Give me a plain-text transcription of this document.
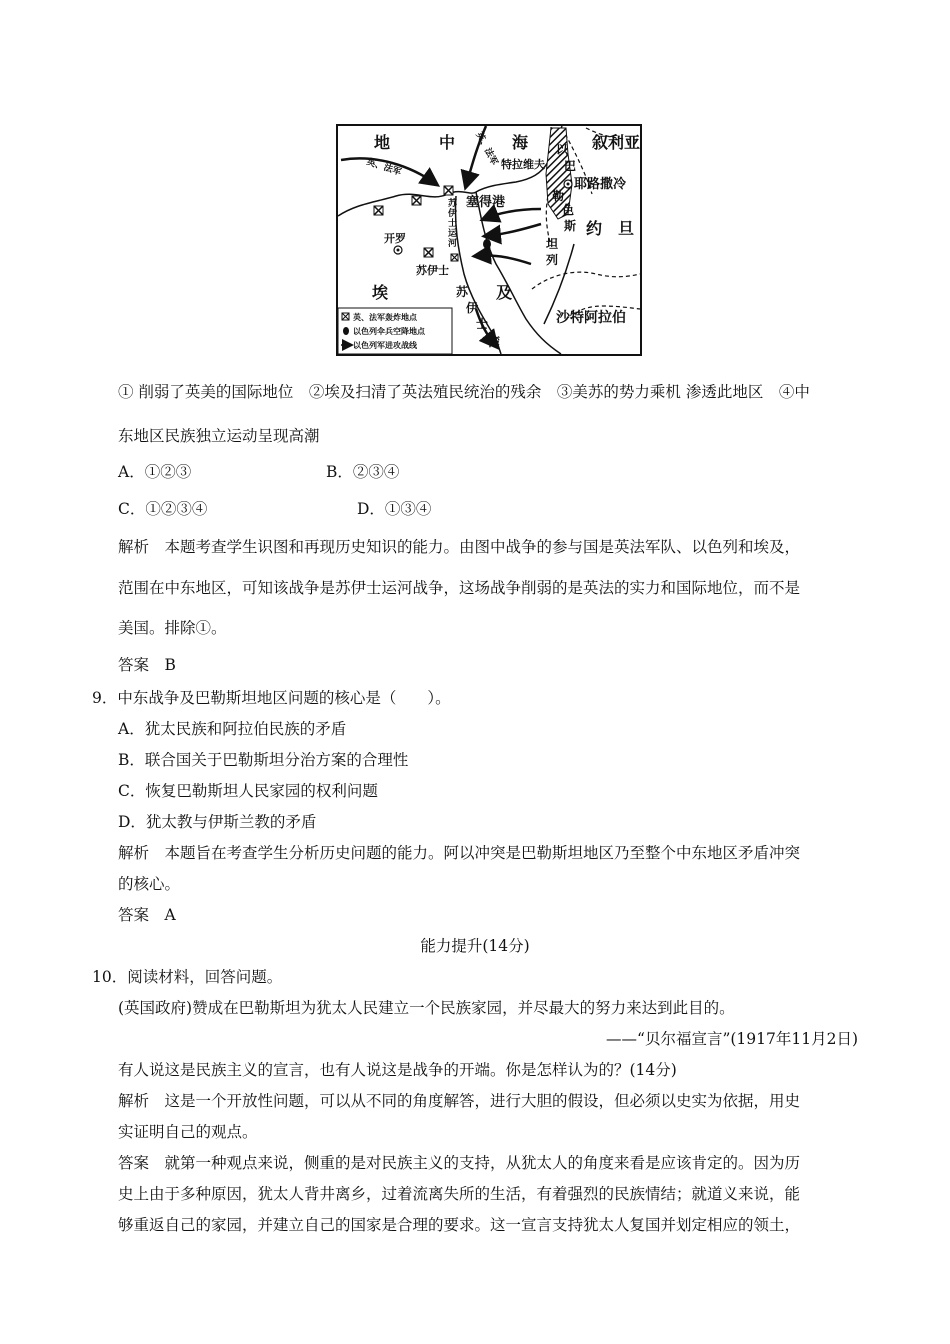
地	中	海	叙利亚
约 旦
埃	及
沙特阿拉伯
以
巴
勒
色
斯
坦
列
耶路撒冷
特拉维夫
塞得港
开罗
苏伊士
苏
伊
士
湾
苏
伊
士
运
河
英、法军
英、法军
英、法军轰炸地点
以色列伞兵空降地点
以色列军进攻战线
① 削弱了英美的国际地位　②埃及扫清了英法殖民统治的残余　③美苏的势力乘机 渗透此地区　④中
东地区民族独立运动呈现高潮
A．①②③	B．②③④
C．①②③④	D．①③④
解析　本题考查学生识图和再现历史知识的能力。由图中战争的参与国是英法军队、以色列和埃及，
范围在中东地区，可知该战争是苏伊士运河战争，这场战争削弱的是英法的实力和国际地位，而不是
美国。排除①。
答案　B
9．中东战争及巴勒斯坦地区问题的核心是（　　）。
A．犹太民族和阿拉伯民族的矛盾
B．联合国关于巴勒斯坦分治方案的合理性
C．恢复巴勒斯坦人民家园的权利问题
D．犹太教与伊斯兰教的矛盾
解析　本题旨在考查学生分析历史问题的能力。阿以冲突是巴勒斯坦地区乃至整个中东地区矛盾冲突
的核心。
答案　A
能力提升(14分)
10．阅读材料，回答问题。
(英国政府)赞成在巴勒斯坦为犹太人民建立一个民族家园，并尽最大的努力来达到此目的。
——“贝尔福宣言”(1917年11月2日)
有人说这是民族主义的宣言，也有人说这是战争的开端。你是怎样认为的？(14分)
解析　这是一个开放性问题，可以从不同的角度解答，进行大胆的假设，但必须以史实为依据，用史
实证明自己的观点。
答案　就第一种观点来说，侧重的是对民族主义的支持，从犹太人的角度来看是应该肯定的。因为历
史上由于多种原因，犹太人背井离乡，过着流离失所的生活，有着强烈的民族情结；就道义来说，能
够重返自己的家园，并建立自己的国家是合理的要求。这一宣言支持犹太人复国并划定相应的领土，
